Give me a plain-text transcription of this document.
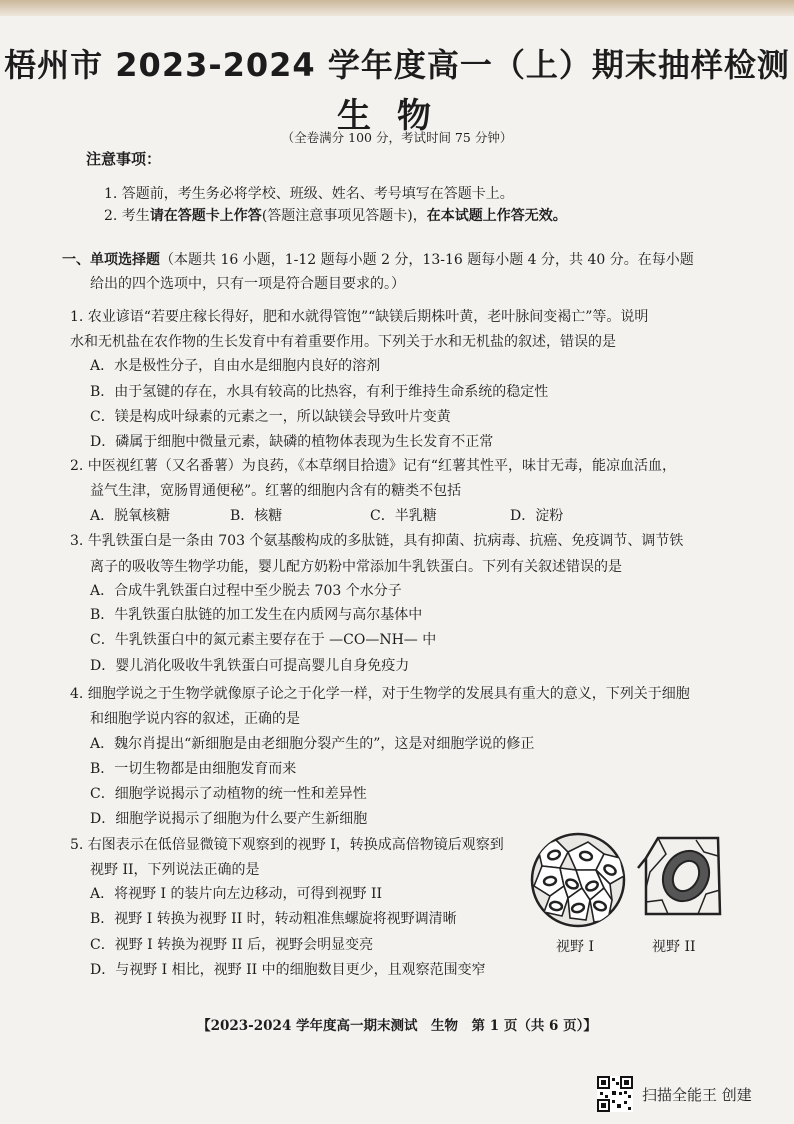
梧州市 2023-2024 学年度高一（上）期末抽样检测
生物
（全卷满分 100 分，考试时间 75 分钟）
注意事项：
1. 答题前，考生务必将学校、班级、姓名、考号填写在答题卡上。
2. 考生请在答题卡上作答(答题注意事项见答题卡)，在本试题上作答无效。
一、单项选择题（本题共 16 小题，1-12 题每小题 2 分，13-16 题每小题 4 分，共 40 分。在每小题
给出的四个选项中，只有一项是符合题目要求的。）
1. 农业谚语“若要庄稼长得好，肥和水就得管饱”“缺镁后期株叶黄，老叶脉间变褐亡”等。说明
水和无机盐在农作物的生长发育中有着重要作用。下列关于水和无机盐的叙述，错误的是
A．水是极性分子，自由水是细胞内良好的溶剂
B．由于氢键的存在，水具有较高的比热容，有利于维持生命系统的稳定性
C．镁是构成叶绿素的元素之一，所以缺镁会导致叶片变黄
D．磷属于细胞中微量元素，缺磷的植物体表现为生长发育不正常
2. 中医视红薯（又名番薯）为良药，《本草纲目拾遗》记有“红薯其性平，味甘无毒，能凉血活血，
益气生津，宽肠胃通便秘”。红薯的细胞内含有的糖类不包括
A．脱氧核糖	B．核糖	C．半乳糖	D．淀粉
3. 牛乳铁蛋白是一条由 703 个氨基酸构成的多肽链，具有抑菌、抗病毒、抗癌、免疫调节、调节铁
离子的吸收等生物学功能，婴儿配方奶粉中常添加牛乳铁蛋白。下列有关叙述错误的是
A．合成牛乳铁蛋白过程中至少脱去 703 个水分子
B．牛乳铁蛋白肽链的加工发生在内质网与高尔基体中
C．牛乳铁蛋白中的氮元素主要存在于 —CO—NH— 中
D．婴儿消化吸收牛乳铁蛋白可提高婴儿自身免疫力
4. 细胞学说之于生物学就像原子论之于化学一样，对于生物学的发展具有重大的意义，下列关于细胞
和细胞学说内容的叙述，正确的是
A．魏尔肖提出“新细胞是由老细胞分裂产生的”，这是对细胞学说的修正
B．一切生物都是由细胞发育而来
C．细胞学说揭示了动植物的统一性和差异性
D．细胞学说揭示了细胞为什么要产生新细胞
5. 右图表示在低倍显微镜下观察到的视野 I，转换成高倍物镜后观察到
视野 II，下列说法正确的是
A．将视野 I 的装片向左边移动，可得到视野 II
B．视野 I 转换为视野 II 时，转动粗准焦螺旋将视野调清晰
C．视野 I 转换为视野 II 后，视野会明显变亮
D．与视野 I 相比，视野 II 中的细胞数目更少，且观察范围变窄
视野 I	视野 II
【2023-2024 学年度高一期末测试　生物　第 1 页（共 6 页）】
扫描全能王 创建
